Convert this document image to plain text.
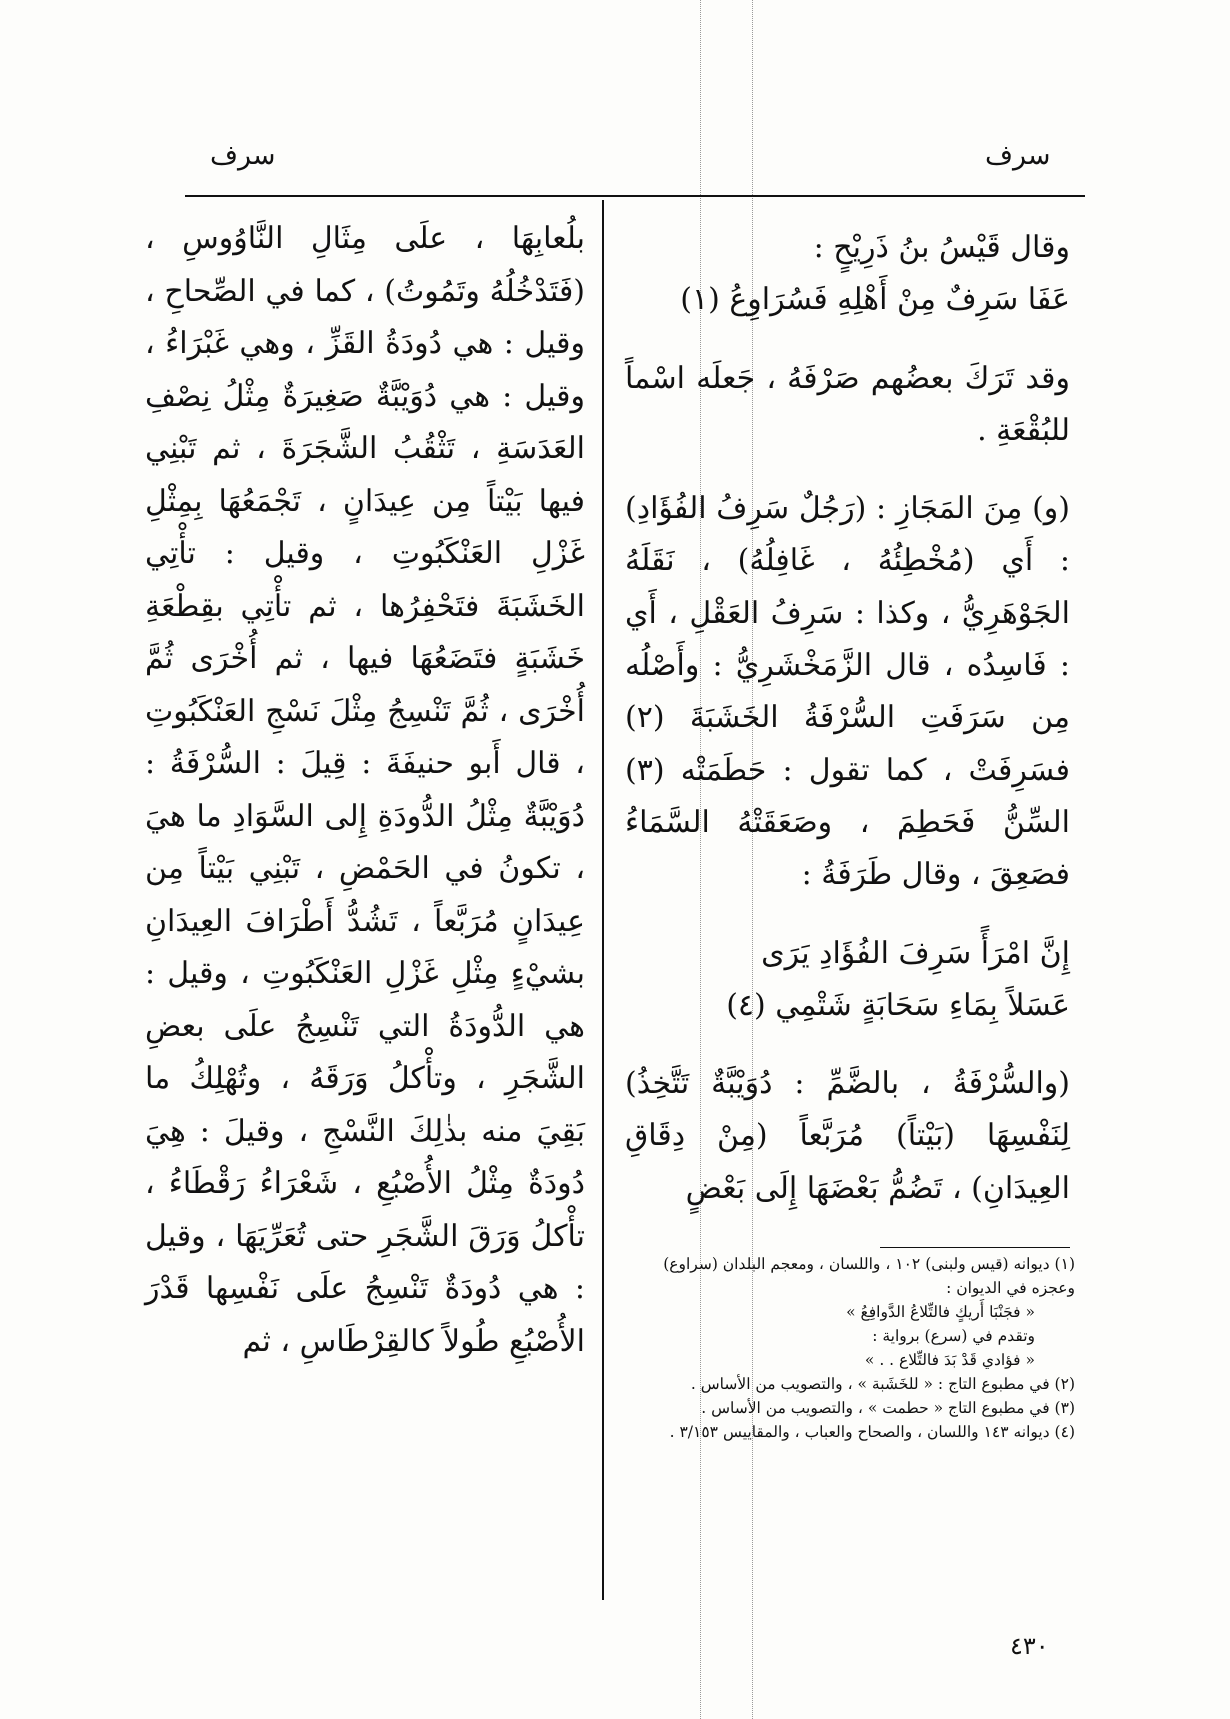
سرف
سرف

وقال قَيْسُ بنُ ذَرِيْحٍ :

عَفَا سَرِفٌ مِنْ أَهْلِهِ فَسُرَاوِعُ (١)

وقد تَرَكَ بعضُهم صَرْفَهُ ، جَعلَه اسْماً للبُقْعَةِ .

(و) مِنَ المَجَازِ : (رَجُلٌ سَرِفُ الفُؤَادِ) : أَي (مُخْطِئُهُ ، غَافِلُهُ) ، نَقَلَهُ الجَوْهَرِيُّ ، وكذا : سَرِفُ العَقْلِ ، أَي : فَاسِدُه ، قال الزَّمَخْشَرِيُّ : وأَصْلُه مِن سَرَفَتِ السُّرْفَةُ الخَشَبَةَ (٢) فسَرِفَتْ ، كما تقول : حَطَمَتْه (٣) السِّنُّ فَحَطِمَ ، وصَعَقَتْهُ السَّمَاءُ فصَعِقَ ، وقال طَرَفَةُ :

إِنَّ امْرَأً سَرِفَ الفُؤَادِ يَرَى

عَسَلاً بِمَاءِ سَحَابَةٍ شَتْمِي (٤)

(والسُّرْفَةُ ، بالضَّمِّ : دُوَيْبَّةٌ تَتَّخِذُ) لِنَفْسِهَا (بَيْتاً) مُرَبَّعاً (مِنْ دِقَاقِ العِيدَانِ) ، تَضُمُّ بَعْضَهَا إِلَى بَعْضٍ

بلُعابِهَا ، علَى مِثَالِ النَّاوُوسِ ، (فَتَدْخُلُهُ وتَمُوتُ) ، كما في الصِّحاحِ ، وقيل : هي دُودَةُ القَزِّ ، وهي غَبْرَاءُ ، وقيل : هي دُوَيْبَّةٌ صَغِيرَةٌ مِثْلُ نِصْفِ العَدَسَةِ ، تَثْقُبُ الشَّجَرَةَ ، ثم تَبْنِي فيها بَيْتاً مِن عِيدَانٍ ، تَجْمَعُهَا بِمِثْلِ غَزْلِ العَنْكَبُوتِ ، وقيل : تأْتِي الخَشَبَةَ فتَحْفِرُها ، ثم تأْتِي بقِطْعَةِ خَشَبَةٍ فتَضَعُهَا فيها ، ثم أُخْرَى ثُمَّ أُخْرَى ، ثُمَّ تَنْسِجُ مِثْلَ نَسْجِ العَنْكَبُوتِ ، قال أَبو حنيفَةَ : قِيلَ : السُّرْفَةُ : دُوَيْبَّةٌ مِثْلُ الدُّودَةِ إِلى السَّوَادِ ما هيَ ، تكونُ في الحَمْضِ ، تَبْنِي بَيْتاً مِن عِيدَانٍ مُرَبَّعاً ، تَشُدُّ أَطْرَافَ العِيدَانِ بشيْءٍ مِثْلِ غَزْلِ العَنْكَبُوتِ ، وقيل : هي الدُّودَةُ التي تَنْسِجُ علَى بعضِ الشَّجَرِ ، وتأْكلُ وَرَقَهُ ، وتُهْلِكُ ما بَقِيَ منه بذٰلِكَ النَّسْجِ ، وقيلَ : هِيَ دُودَةٌ مِثْلُ الأُصْبُعِ ، شَعْرَاءُ رَقْطَاءُ ، تأْكلُ وَرَقَ الشَّجَرِ حتى تُعَرِّيَهَا ، وقيل : هي دُودَةٌ تَنْسِجُ علَى نَفْسِها قَدْرَ الأُصْبُعِ طُولاً كالقِرْطَاسِ ، ثم

(١) ديوانه (قيس ولبنى) ١٠٢ ، واللسان ، ومعجم البلدان (سراوع) وعجزه في الديوان :

« فجَنْبَا أَريكٍ فالتِّلاعُ الدَّوافِعُ »

وتقدم في (سرع) برواية :

« فؤادي قَدْ بَدَ فالتِّلاع . . »

(٢) في مطبوع التاج : « للخَشَبة » ، والتصويب من الأساس .

(٣) في مطبوع التاج « حطمت » ، والتصويب من الأساس .

(٤) ديوانه ١٤٣ واللسان ، والصحاح والعباب ، والمقاييس ٣/١٥٣ .

٤٣٠
